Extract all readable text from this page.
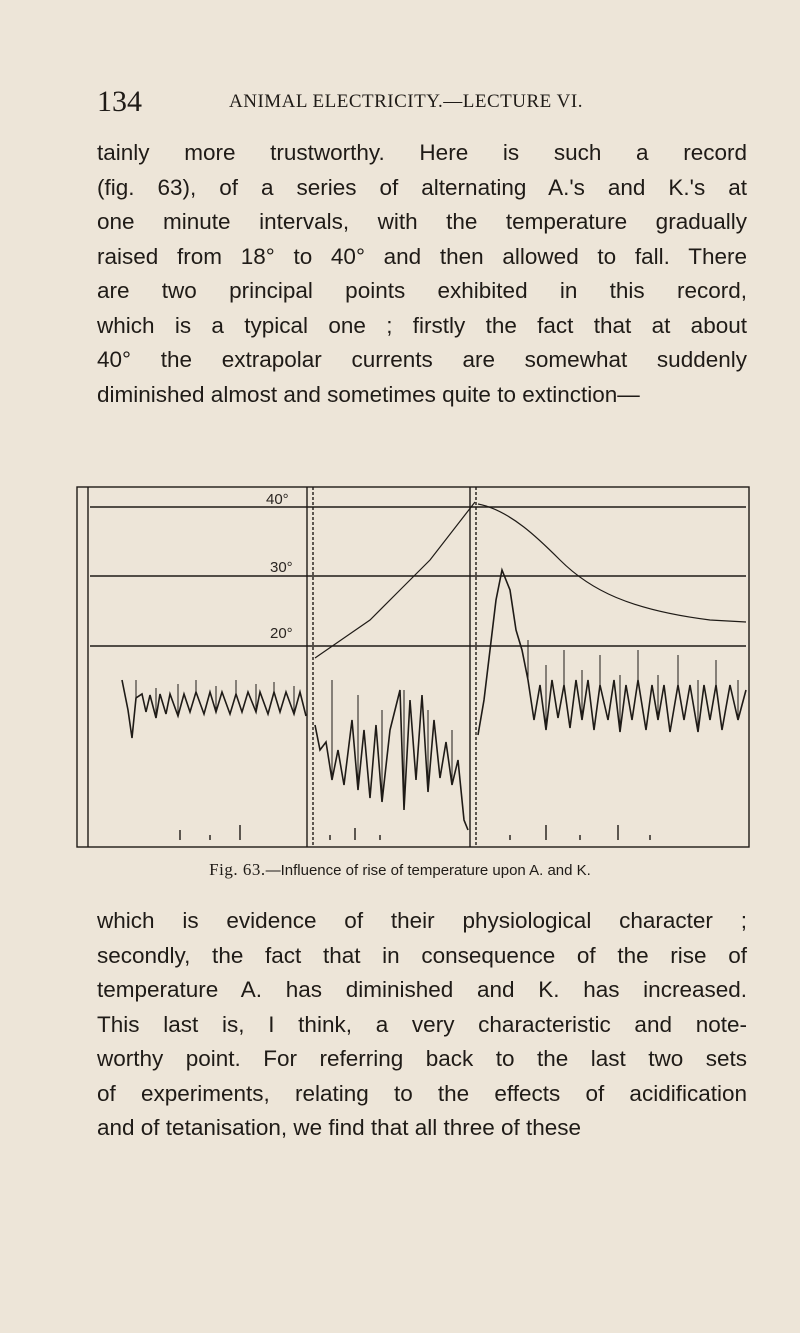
134	ANIMAL ELECTRICITY.—LECTURE VI.

tainly more trustworthy. Here is such a record
(fig. 63), of a series of alternating A.'s and K.'s at
one minute intervals, with the temperature gradually
raised from 18° to 40° and then allowed to fall. There
are two principal points exhibited in this record,
which is a typical one ; firstly the fact that at about
40° the extrapolar currents are somewhat suddenly
diminished almost and sometimes quite to extinction—

40°
30°
20°
Fig. 63.—Influence of rise of temperature upon A. and K.

which is evidence of their physiological character ;
secondly, the fact that in consequence of the rise of
temperature A. has diminished and K. has increased.
This last is, I think, a very characteristic and note-
worthy point. For referring back to the last two sets
of experiments, relating to the effects of acidification
and of tetanisation, we find that all three of these
